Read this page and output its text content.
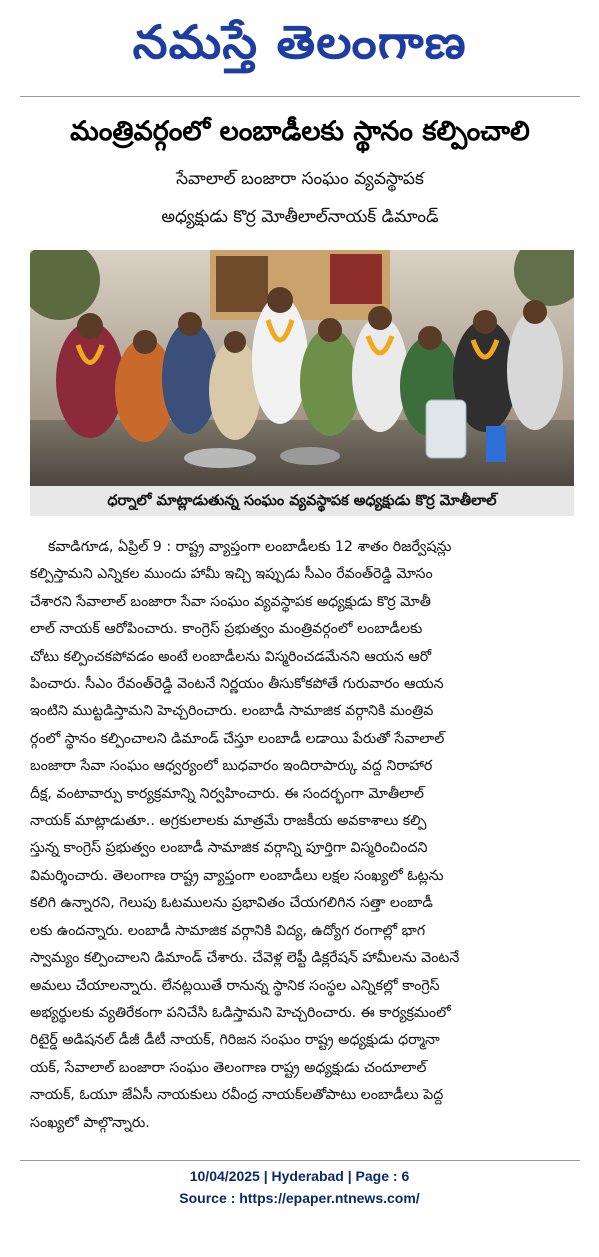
నమస్తే తెలంగాణ
మంత్రివర్గంలో లంబాడీలకు స్థానం కల్పించాలి
సేవాలాల్ బంజారా సంఘం వ్యవస్థాపక
అధ్యక్షుడు కొర్ర మోతీలాల్‌నాయక్ డిమాండ్
ధర్నాలో మాట్లాడుతున్న సంఘం వ్యవస్థాపక అధ్యక్షుడు కొర్ర మోతీలాల్

కవాడిగూడ, ఏప్రిల్ 9 : రాష్ట్ర వ్యాప్తంగా లంబాడీలకు 12 శాతం రిజర్వేషన్లు

కల్పిస్తామని ఎన్నికల ముందు హామీ ఇచ్చి ఇప్పుడు సీఎం రేవంత్‌రెడ్డి మోసం

చేశారని సేవాలాల్ బంజారా సేవా సంఘం వ్యవస్థాపక అధ్యక్షుడు కొర్ర మోతీ

లాల్ నాయక్ ఆరోపించారు. కాంగ్రెస్ ప్రభుత్వం మంత్రివర్గంలో లంబాడీలకు

చోటు కల్పించకపోవడం అంటే లంబాడీలను విస్మరించడమేనని ఆయన ఆరో

పించారు. సీఎం రేవంత్‌రెడ్డి వెంటనే నిర్ణయం తీసుకోకపోతే గురువారం ఆయన

ఇంటిని ముట్టడిస్తామని హెచ్చరించారు. లంబాడీ సామాజిక వర్గానికి మంత్రివ

ర్గంలో స్థానం కల్పించాలని డిమాండ్ చేస్తూ లంబాడీ లడాయి పేరుతో సేవాలాల్

బంజారా సేవా సంఘం ఆధ్వర్యంలో బుధవారం ఇందిరాపార్కు వద్ద నిరాహార

దీక్ష, వంటావార్పు కార్యక్రమాన్ని నిర్వహించారు. ఈ సందర్భంగా మోతీలాల్

నాయక్ మాట్లాడుతూ.. అగ్రకులాలకు మాత్రమే రాజకీయ అవకాశాలు కల్పి

స్తున్న కాంగ్రెస్ ప్రభుత్వం లంబాడీ సామాజిక వర్గాన్ని పూర్తిగా విస్మరించిందని

విమర్శించారు. తెలంగాణ రాష్ట్ర వ్యాప్తంగా లంబాడీలు లక్షల సంఖ్యలో ఓట్లను

కలిగి ఉన్నారని, గెలుపు ఓటములను ప్రభావితం చేయగలిగిన సత్తా లంబాడీ

లకు ఉందన్నారు. లంబాడీ సామాజిక వర్గానికి విద్య, ఉద్యోగ రంగాల్లో భాగ

స్వామ్యం కల్పించాలని డిమాండ్ చేశారు. చేవెళ్ల లెప్టీ డిక్లరేషన్ హామీలను వెంటనే

అమలు చేయాలన్నారు. లేనట్లయితే రానున్న స్థానిక సంస్థల ఎన్నికల్లో కాంగ్రెస్

అభ్యర్థులకు వ్యతిరేకంగా పనిచేసి ఓడిస్తామని హెచ్చరించారు. ఈ కార్యక్రమంలో

రిటైర్డ్ అడిషనల్ డీజీ డీటీ నాయక్, గిరిజన సంఘం రాష్ట్ర అధ్యక్షుడు ధర్మానా

యక్, సేవాలాల్ బంజారా సంఘం తెలంగాణ రాష్ట్ర అధ్యక్షుడు చందూలాల్

నాయక్, ఓయూ జేఏసీ నాయకులు రవీంద్ర నాయక్‌లతోపాటు లంబాడీలు పెద్ద

సంఖ్యలో పాల్గొన్నారు.

10/04/2025 | Hyderabad | Page : 6
Source : https://epaper.ntnews.com/
